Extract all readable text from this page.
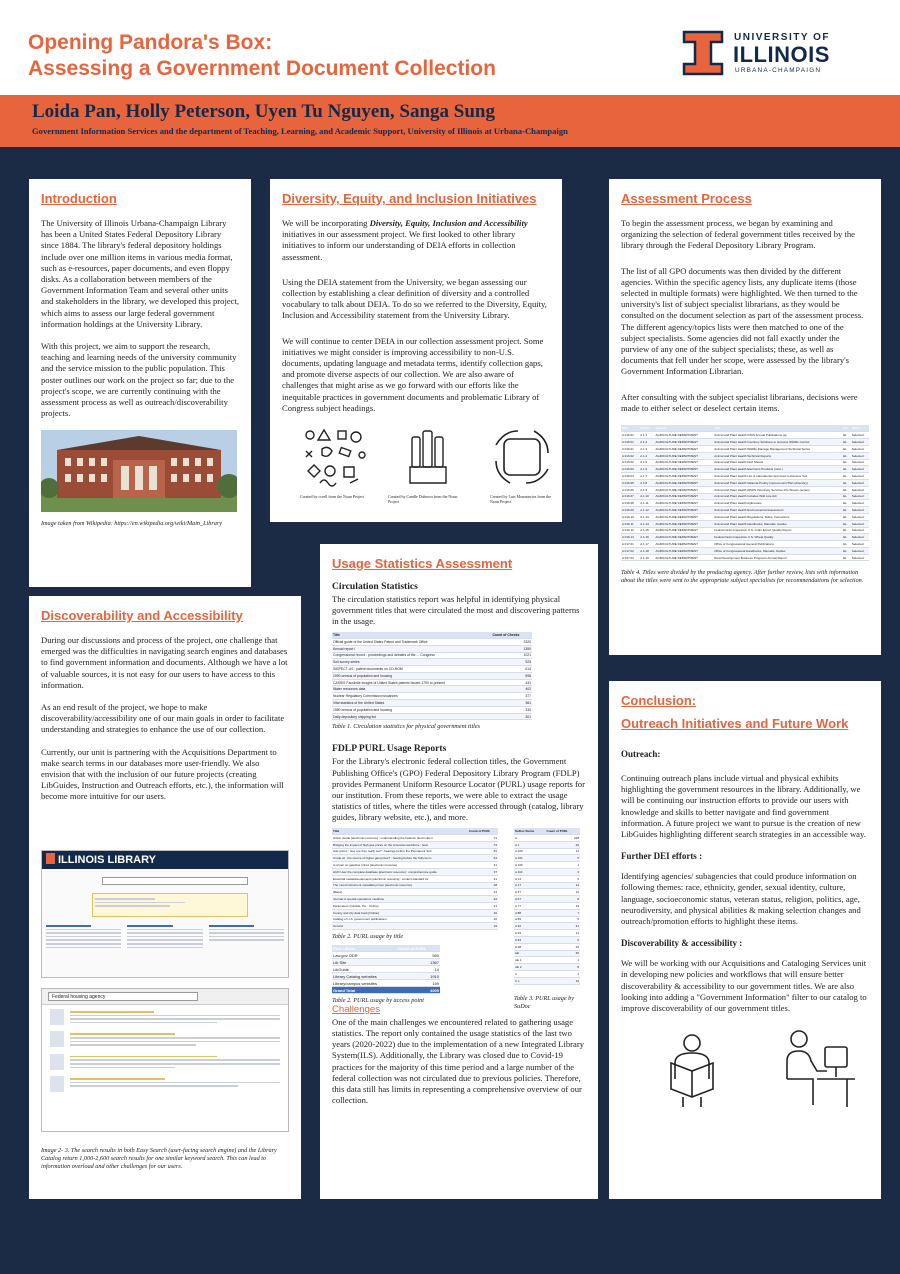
Opening Pandora's Box:
Assessing a Government Document Collection
UNIVERSITY OF
ILLINOIS
URBANA-CHAMPAIGN
Loida Pan, Holly Peterson, Uyen Tu Nguyen, Sanga Sung
Government Information Services and the department of Teaching, Learning, and Academic Support, University of Illinois at Urbana-Champaign
Introduction

The University of Illinois Urbana-Champaign Library has been a United States Federal Depository Library since 1884. The library's federal depository holdings include over one million items in various media format, such as e-resources, paper documents, and even floppy disks. As a collaboration between members of the Government Information Team and several other units and stakeholders in the library, we developed this project, which aims to assess our large federal government information holdings at the University Library.

With this project, we aim to support the research, teaching and learning needs of the university community and the service mission to the public population. This poster outlines our work on the project so far; due to the project's scope, we are currently continuing with the assessment process as well as outreach/discoverability projects.

Image taken from Wikipedia: https://en.wikipedia.org/wiki/Main_Library
Diversity, Equity, and Inclusion Initiatives

We will be incorporating Diversity, Equity, Inclusion and Accessibility initiatives in our assessment project. We first looked to other library initiatives to inform our understanding of DEIA efforts in collection assessment.

Using the DEIA statement from the University, we began assessing our collection by establishing a clear definition of diversity and a controlled vocabulary to talk about DEIA. To do so we referred to the Diversity, Equity, Inclusion and Accessibility statement from the University Library.

We will continue to center DEIA in our collection assessment project. Some initiatives we might consider is improving accessibility to non-U.S. documents, updating language and metadata terms, identify collection gaps, and promote diverse aspects of our collection. We are also aware of challenges that might arise as we go forward with our efforts like the inequitable practices in government documents and problematic Library of Congress subject headings.

Created by ccrell from the Noun Project	Created by Candle Dubrova from the Noun Project
Created by Luis Monasterios from the Noun Project
Assessment Process

To begin the assessment process, we began by examining and organizing the selection of federal government titles received by the library through the Federal Depository Library Program.

The list of all GPO documents was then divided by the different agencies. Within the specific agency lists, any duplicate items (those selected in multiple formats) were highlighted. We then turned to the university's list of subject specialist librarians, as they would be consulted on the document selection as part of the assessment process. The different agency/topics lists were then matched to one of the subject specialists. Some agencies did not fall exactly under the purview of any one of the subject specialists; these, as well as documents that fell under her scope, were assessed by the library's Government Information Librarian.

After consulting with the subject specialist librarians, decisions were made to either select or deselect certain items.

Item	SuDoc	Agency	Title	Sel	Status
A 016.01	A 1.1	AGRICULTURE DEPARTMENT	Animal and Plant Health NTAS Annual Publications (a)	EL	Selected
A 016.01	A 1.2	AGRICULTURE DEPARTMENT	Animal and Plant Health Inventory Solutions to Humane Wildlife Control	EL	Selected
A 016.01	A 1.3	AGRICULTURE DEPARTMENT	Animal and Plant Health Wildlife Damage Management Technical Series	EL	Selected
A 016.02	A 1.4	AGRICULTURE DEPARTMENT	Animal and Plant Health Technical Reports	EL	Selected
A 016.02	A 1.5	AGRICULTURE DEPARTMENT	Animal and Plant Health Fact Sheets	EL	Selected
A 016.03	A 1.6	AGRICULTURE DEPARTMENT	Animal and Plant Health Electronic Products (misc.)	EL	Selected
A 016.04	A 1.7	AGRICULTURE DEPARTMENT	Animal and Plant Health List of Laboratories Approved to Receive Soil	EL	Selected
A 016.05	A 1.8	AGRICULTURE DEPARTMENT	Animal and Plant Health National Poultry Improvement Plan (directory)	EL	Selected
A 016.06	A 1.9	AGRICULTURE DEPARTMENT	Animal and Plant Health APHIS Veterinary Services Info Sheets (series)	EL	Selected
A 016.07	A 1.10	AGRICULTURE DEPARTMENT	Animal and Plant Health Includes Wild Live Aid	EL	Selected
A 016.08	A 1.11	AGRICULTURE DEPARTMENT	Animal and Plant Health Agforecast	EL	Selected
A 016.09	A 1.12	AGRICULTURE DEPARTMENT	Animal and Plant Health Environmental Assessment	EL	Selected
A 016.10	A 1.13	AGRICULTURE DEPARTMENT	Animal and Plant Health Regulations, Rules, Instructions	EL	Selected
A 016.11	A 1.14	AGRICULTURE DEPARTMENT	Animal and Plant Health Handbooks, Manuals, Guides	EL	Selected
A 016.12	A 1.15	AGRICULTURE DEPARTMENT	Federal Grain Inspection U.S. Grain Export Quality Report	EL	Selected
A 016.13	A 1.16	AGRICULTURE DEPARTMENT	Federal Grain Inspection U.S. Wheat Quality	EL	Selected
A 017.01	A 1.17	AGRICULTURE DEPARTMENT	Office of Congressional General Publications	EL	Selected
A 017.02	A 1.18	AGRICULTURE DEPARTMENT	Office of Congressional Handbooks, Manuals, Guides	EL	Selected
A 017.03	A 1.19	AGRICULTURE DEPARTMENT	Rural Development Business Programs Annual Report	EL	Selected
Table 4. Titles were divided by the producing agency. After further review, lists with information about the titles were sent to the appropriate subject specialists for recommendations for selection.
Discoverability and Accessibility

During our discussions and process of the project, one challenge that emerged was the difficulties in navigating search engines and databases to find government information and documents. Although we have a lot of valuable sources, it is not easy for our users to have access to this information.

As an end result of the project, we hope to make discoverability/accessibility one of our main goals in order to facilitate understanding and strategies to enhance the use of our collection.

Currently, our unit is partnering with the Acquisitions Department to make search terms in our databases more user-friendly. We also envision that with the inclusion of our future projects (creating LibGuides, Instruction and Outreach efforts, etc.), the information will become more intuitive for our users.

ILLINOIS LIBRARY
Federal housing agency
Image 2- 3. The search results in both Easy Search (user-facing search engine) and the Library Catalog return 1,000-2,600 search results for one similar keyword search. This can lead to information overload and other challenges for our users.
Usage Statistics Assessment
Circulation Statistics

The circulation statistics report was helpful in identifying physical government titles that were circulated the most and discovering patterns in the usage.

Title	Count of Checks
Official guide of the United States Patent and Trademark Office	2320
Annual report /	1350
Congressional record : proceedings and debates of the ... Congress	1021
Soil survey series	923
INSPECT-US : patent documents on CD-ROM	614
1990 census of population and housing	598
CASSIS Facsimile images of United States patents issued 1790 to present	431
Water resources data	402
Nuclear Regulatory Commission issuances	377
Vital statistics of the United States	361
1980 census of population and housing	330
Daily depository shipping list	301
Table 1. Circulation statistics for physical government titles
FDLP PURL Usage Reports

For the Library's electronic federal collection titles, the Government Publishing Office's (GPO) Federal Depository Library Program (FDLP) provides Permanent Uniform Resource Locator (PURL) usage reports for our institution. From these reports, we were able to extract the usage statistics of titles, where the titles were accessed through (catalog, library guides, library website, etc.), and more.

Title	Count of PURL
Action Guide [electronic resource] : understanding the balance (food inform	74
Bridging the impact of high gas prices on the American workforce : hear	74
Gas prices : how are they really set? : hearings before the Permanent Sub	62
Crude oil : the source of higher gas prices? : hearing before the Subcomm	54
A primer on gasoline prices [electronic resource]	41
HUD User the complete database [electronic resource] : comprehensive guide	37
Essential metadata elements [electronic resource] : content standard for	31
The mood instrument metadata primer [electronic resource]	28
[Maps]	24
Journal of special operations medicine	22
Parameters (Carlisle, Pa. : Online)	21
County and city data book [Online]	20
Catalog of U.S. government publications	20
Ground	19
Table 2. PURL usage by title
Row Labels	Count of PURL
Law.gov ODR	560
Lib Site	1367
LibGuide	14
Library Catalog websites	1910
Library/campus websites	159
Grand Total	4009
Table 2. PURL usage by access point
SuDoc Stems	Count of PURL
A	228
A 1	20
A 100	11
A 101	5
A 106	1
A 110	3
A 13	6
A 17	14
A 57	12
A 67	8
A 77	19
A 88	7
A 89	5
A 92	31
A 93	11
A 94	6
A 98	20
AE	36
AE 1	1
AE 2	8
C	1
C 1	10
Table 3. PURL usage by SuDoc
Challenges

One of the main challenges we encountered related to gathering usage statistics. The report only contained the usage statistics of the last two years (2020-2022) due to the implementation of a new Integrated Library System(ILS). Additionally, the Library was closed due to Covid-19 practices for the majority of this time period and a large number of the federal collection was not circulated due to previous policies. Therefore, this data still has limits in representing a comprehensive overview of our collection.

Conclusion:
Outreach Initiatives and Future Work
Outreach:

Continuing outreach plans include virtual and physical exhibits highlighting the government resources in the library. Additionally, we will be continuing our instruction efforts to provide our users with knowledge and skills to better navigate and find government information. A future project we want to pursue is the creation of new LibGuides highlighting different search strategies in an accessible way.

Further DEI efforts :

Identifying agencies/ subagencies that could produce information on following themes: race, ethnicity, gender, sexual identity, culture, language, socioeconomic status, veteran status, religion, politics, age, neurodiversity, and physical abilities & making selection changes and outreach/promotion efforts to highlight these items.

Discoverability & accessibility :

We will be working with our Acquisitions and Cataloging Services unit in developing new policies and workflows that will ensure better discoverability & accessibility to our government titles. We are also looking into adding a "Government Information" filter to our catalog to improve discoverability of our government titles.
